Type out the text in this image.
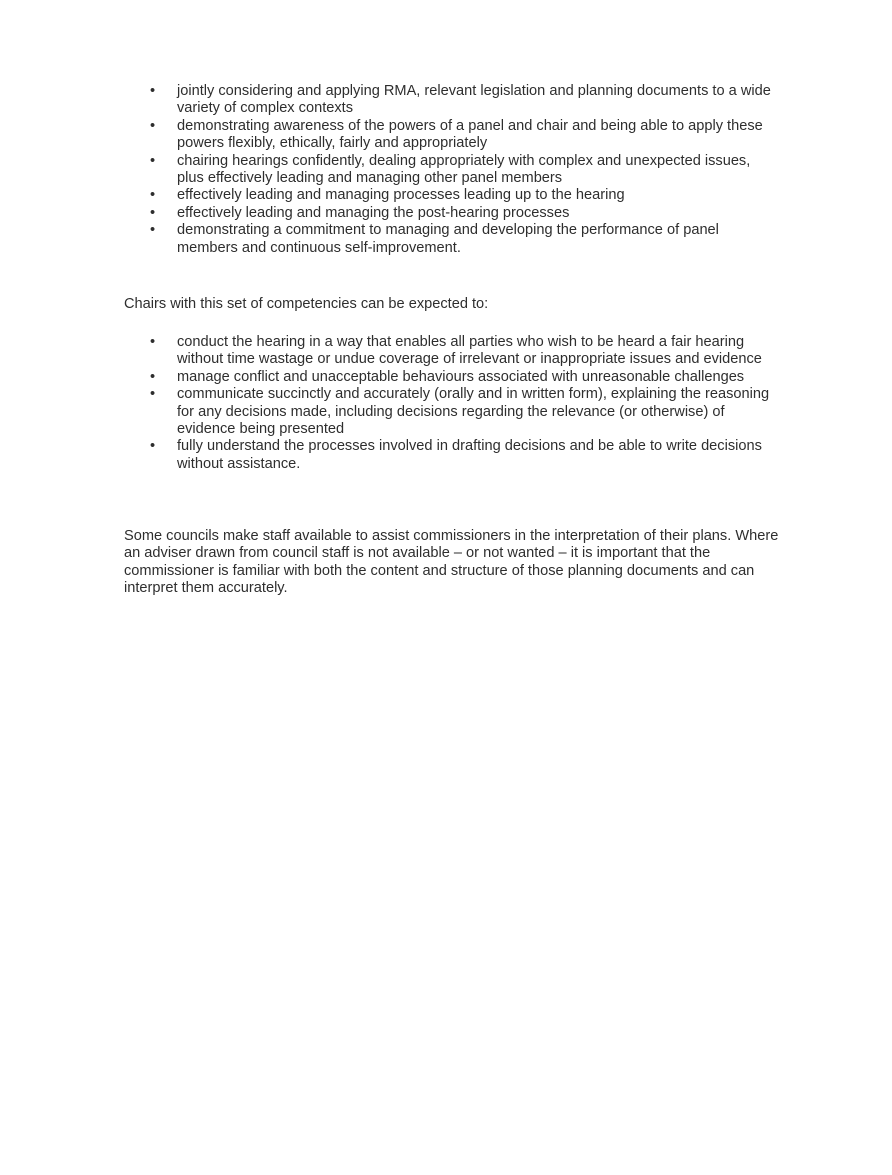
•	jointly considering and applying RMA, relevant legislation and planning documents to a wide variety of complex contexts
•	demonstrating awareness of the powers of a panel and chair and being able to apply these powers flexibly, ethically, fairly and appropriately
•	chairing hearings confidently, dealing appropriately with complex and unexpected issues, plus effectively leading and managing other panel members
•	effectively leading and managing processes leading up to the hearing
•	effectively leading and managing the post-hearing processes
•	demonstrating a commitment to managing and developing the performance of panel members and continuous self-improvement.

Chairs with this set of competencies can be expected to:

•	conduct the hearing in a way that enables all parties who wish to be heard a fair hearing without time wastage or undue coverage of irrelevant or inappropriate issues and evidence
•	manage conflict and unacceptable behaviours associated with unreasonable challenges
•	communicate succinctly and accurately (orally and in written form), explaining the reasoning for any decisions made, including decisions regarding the relevance (or otherwise) of evidence being presented
•	fully understand the processes involved in drafting decisions and be able to write decisions without assistance.

Some councils make staff available to assist commissioners in the interpretation of their plans. Where an adviser drawn from council staff is not available – or not wanted – it is important that the commissioner is familiar with both the content and structure of those planning documents and can interpret them accurately.
